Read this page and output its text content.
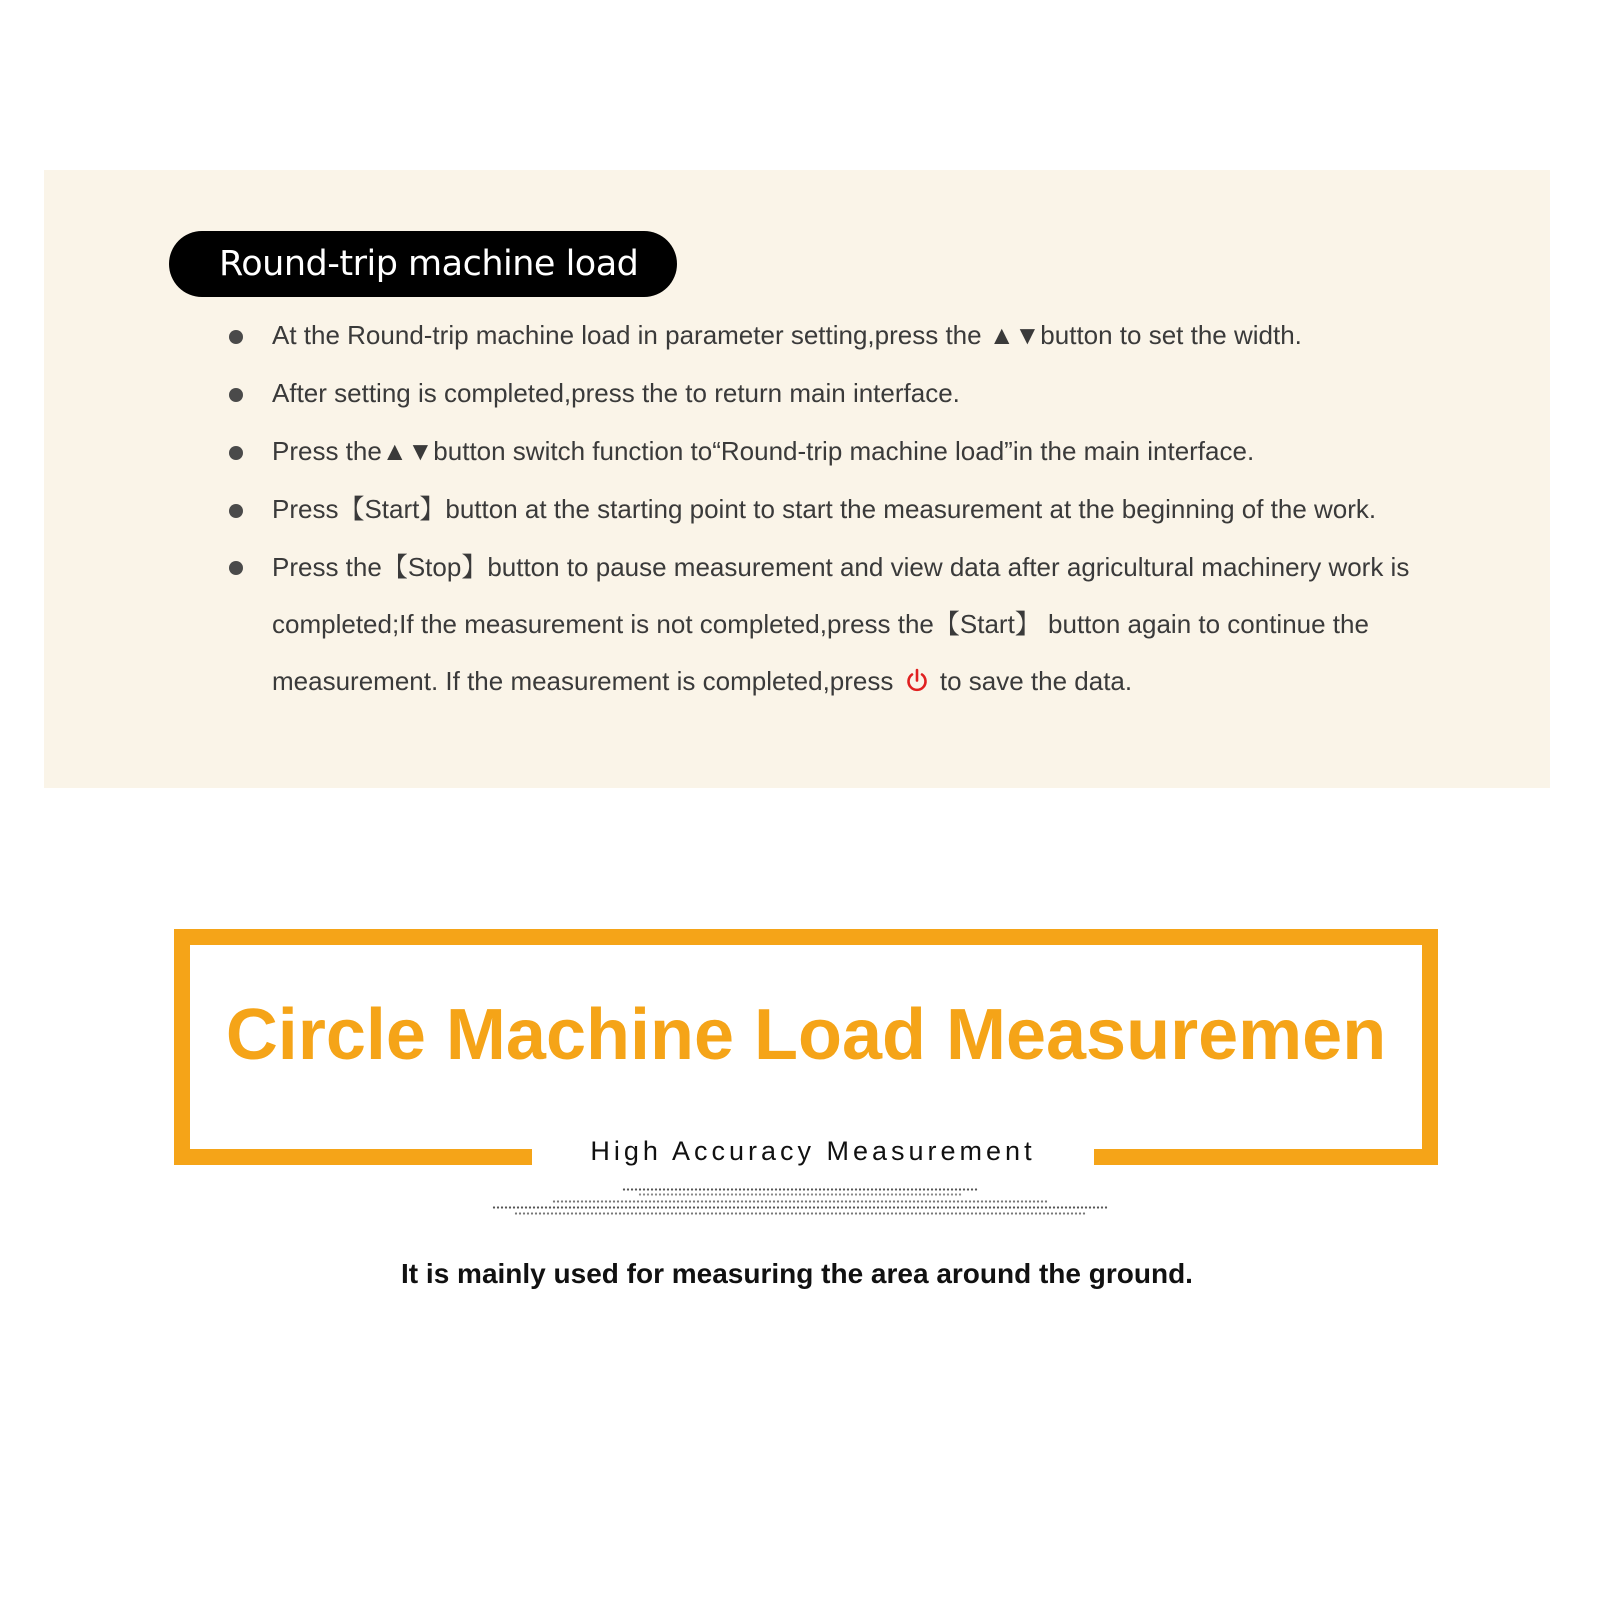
Round-trip machine load
At the Round-trip machine load in parameter setting,press the ▲▼button to set the width.
After setting is completed,press the to return main interface.
Press the▲▼button switch function to“Round-trip machine load”in the main interface.
Press【Start】button at the starting point to start the measurement at the beginning of the work.
Press the【Stop】button to pause measurement and view data after agricultural machinery work is completed;If the measurement is not completed,press the【Start】 button again to continue the measurement. If the measurement is completed,press to save the data.
Circle Machine Load Measuremen
High Accuracy Measurement
It is mainly used for measuring the area around the ground.
